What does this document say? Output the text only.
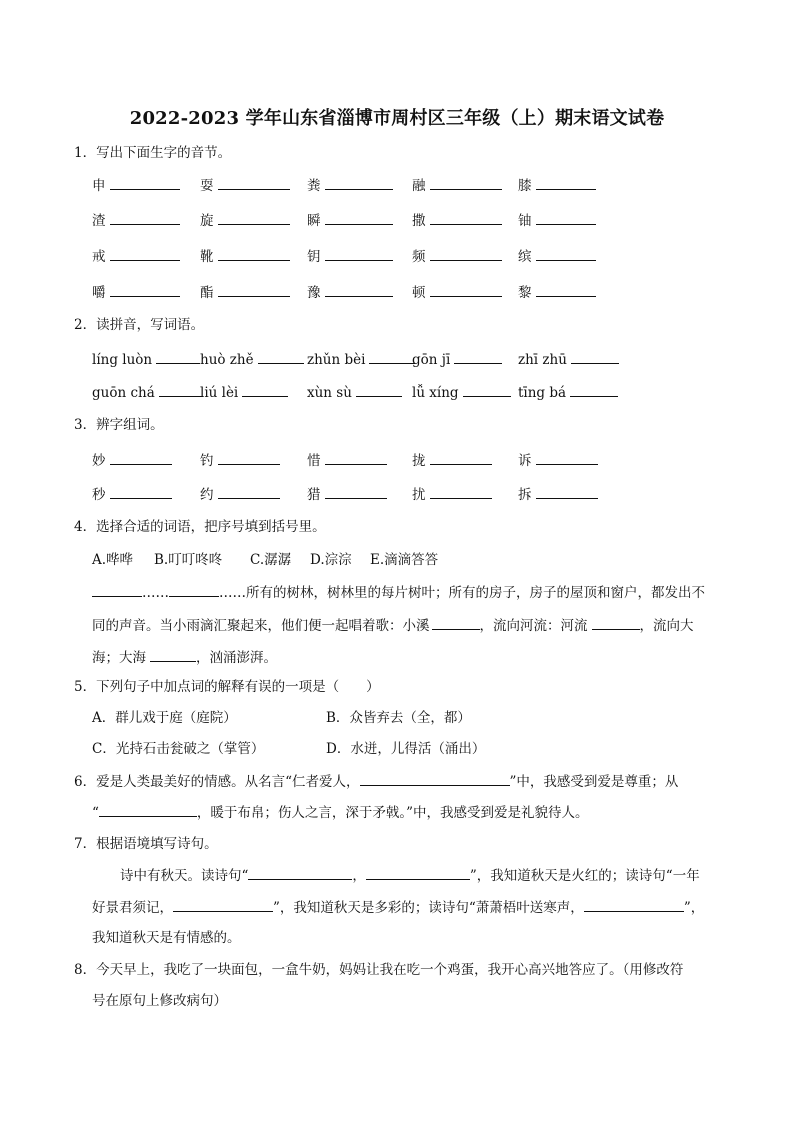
2022-2023 学年山东省淄博市周村区三年级（上）期末语文试卷
1．写出下面生字的音节。
申	耍	粪	融	膝
渣	旋	瞬	撒	铀
戒	靴	钥	频	缤
嚼	酯	豫	顿	黎
2．读拼音，写词语。
líng luòn	huò zhě	zhǔn bèi	gōn jī	zhī zhū
guōn chá	liú lèi	xùn sù	lǚ xíng	tīng bá
3．辨字组词。
妙	钓	惜	拢	诉
秒	约	猎	扰	拆
4．选择合适的词语，把序号填到括号里。
A.哗哗 B.叮叮咚咚 C.潺潺 D.淙淙 E.滴滴答答
……	……所有的树林，树林里的每片树叶；所有的房子，房子的屋顶和窗户，都发出不
同的声音。当小雨滴汇聚起来，他们便一起唱着歌：小溪	，流向河流：河流	，流向大
海；大海	，汹涌澎湃。
5．下列句子中加点词的解释有误的一项是（　　）
A．群儿戏于庭（庭院）	B．众皆弃去（全，都）
C．光持石击瓮破之（掌管）	D．水迸，儿得活（涌出）
6．爱是人类最美好的情感。从名言“仁者爱人，	”中，我感受到爱是尊重；从
“	，暖于布帛；伤人之言，深于矛戟。”中，我感受到爱是礼貌待人。
7．根据语境填写诗句。
诗中有秋天。读诗句“	，	”，我知道秋天是火红的；读诗句“一年
好景君须记，	”，我知道秋天是多彩的；读诗句“萧萧梧叶送寒声，	”，
我知道秋天是有情感的。
8．今天早上，我吃了一块面包，一盒牛奶，妈妈让我在吃一个鸡蛋，我开心高兴地答应了。（用修改符
号在原句上修改病句）
